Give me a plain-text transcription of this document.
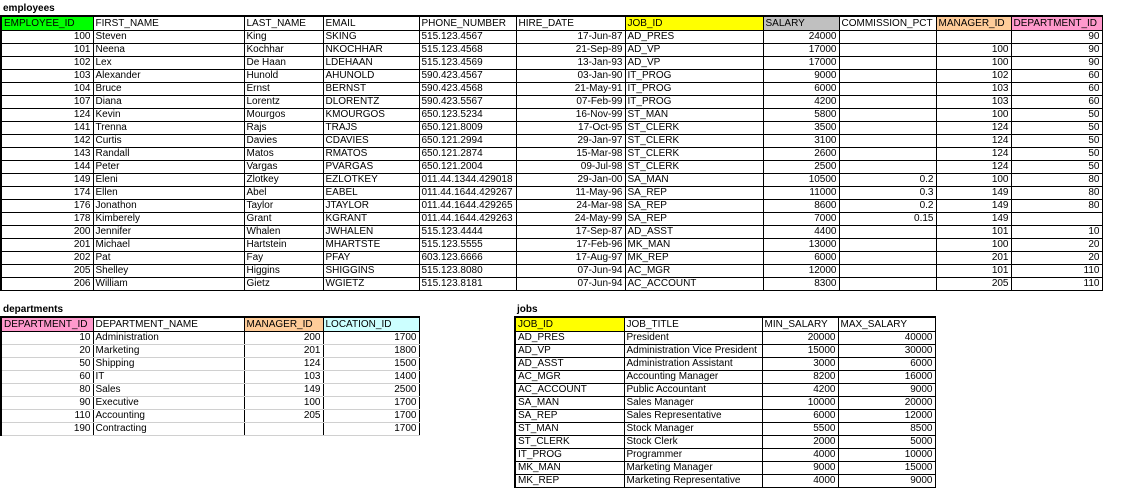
employees
EMPLOYEE_ID	FIRST_NAME	LAST_NAME	EMAIL	PHONE_NUMBER	HIRE_DATE	JOB_ID	SALARY	COMMISSION_PCT	MANAGER_ID	DEPARTMENT_ID
100	Steven	King	SKING	515.123.4567	17-Jun-87	AD_PRES	24000			90
101	Neena	Kochhar	NKOCHHAR	515.123.4568	21-Sep-89	AD_VP	17000		100	90
102	Lex	De Haan	LDEHAAN	515.123.4569	13-Jan-93	AD_VP	17000		100	90
103	Alexander	Hunold	AHUNOLD	590.423.4567	03-Jan-90	IT_PROG	9000		102	60
104	Bruce	Ernst	BERNST	590.423.4568	21-May-91	IT_PROG	6000		103	60
107	Diana	Lorentz	DLORENTZ	590.423.5567	07-Feb-99	IT_PROG	4200		103	60
124	Kevin	Mourgos	KMOURGOS	650.123.5234	16-Nov-99	ST_MAN	5800		100	50
141	Trenna	Rajs	TRAJS	650.121.8009	17-Oct-95	ST_CLERK	3500		124	50
142	Curtis	Davies	CDAVIES	650.121.2994	29-Jan-97	ST_CLERK	3100		124	50
143	Randall	Matos	RMATOS	650.121.2874	15-Mar-98	ST_CLERK	2600		124	50
144	Peter	Vargas	PVARGAS	650.121.2004	09-Jul-98	ST_CLERK	2500		124	50
149	Eleni	Zlotkey	EZLOTKEY	011.44.1344.429018	29-Jan-00	SA_MAN	10500	0.2	100	80
174	Ellen	Abel	EABEL	011.44.1644.429267	11-May-96	SA_REP	11000	0.3	149	80
176	Jonathon	Taylor	JTAYLOR	011.44.1644.429265	24-Mar-98	SA_REP	8600	0.2	149	80
178	Kimberely	Grant	KGRANT	011.44.1644.429263	24-May-99	SA_REP	7000	0.15	149	
200	Jennifer	Whalen	JWHALEN	515.123.4444	17-Sep-87	AD_ASST	4400		101	10
201	Michael	Hartstein	MHARTSTE	515.123.5555	17-Feb-96	MK_MAN	13000		100	20
202	Pat	Fay	PFAY	603.123.6666	17-Aug-97	MK_REP	6000		201	20
205	Shelley	Higgins	SHIGGINS	515.123.8080	07-Jun-94	AC_MGR	12000		101	110
206	William	Gietz	WGIETZ	515.123.8181	07-Jun-94	AC_ACCOUNT	8300		205	110
departments
DEPARTMENT_ID	DEPARTMENT_NAME	MANAGER_ID	LOCATION_ID
10	Administration	200	1700
20	Marketing	201	1800
50	Shipping	124	1500
60	IT	103	1400
80	Sales	149	2500
90	Executive	100	1700
110	Accounting	205	1700
190	Contracting		1700
jobs
JOB_ID	JOB_TITLE	MIN_SALARY	MAX_SALARY
AD_PRES	President	20000	40000
AD_VP	Administration Vice President	15000	30000
AD_ASST	Administration Assistant	3000	6000
AC_MGR	Accounting Manager	8200	16000
AC_ACCOUNT	Public Accountant	4200	9000
SA_MAN	Sales Manager	10000	20000
SA_REP	Sales Representative	6000	12000
ST_MAN	Stock Manager	5500	8500
ST_CLERK	Stock Clerk	2000	5000
IT_PROG	Programmer	4000	10000
MK_MAN	Marketing Manager	9000	15000
MK_REP	Marketing Representative	4000	9000
